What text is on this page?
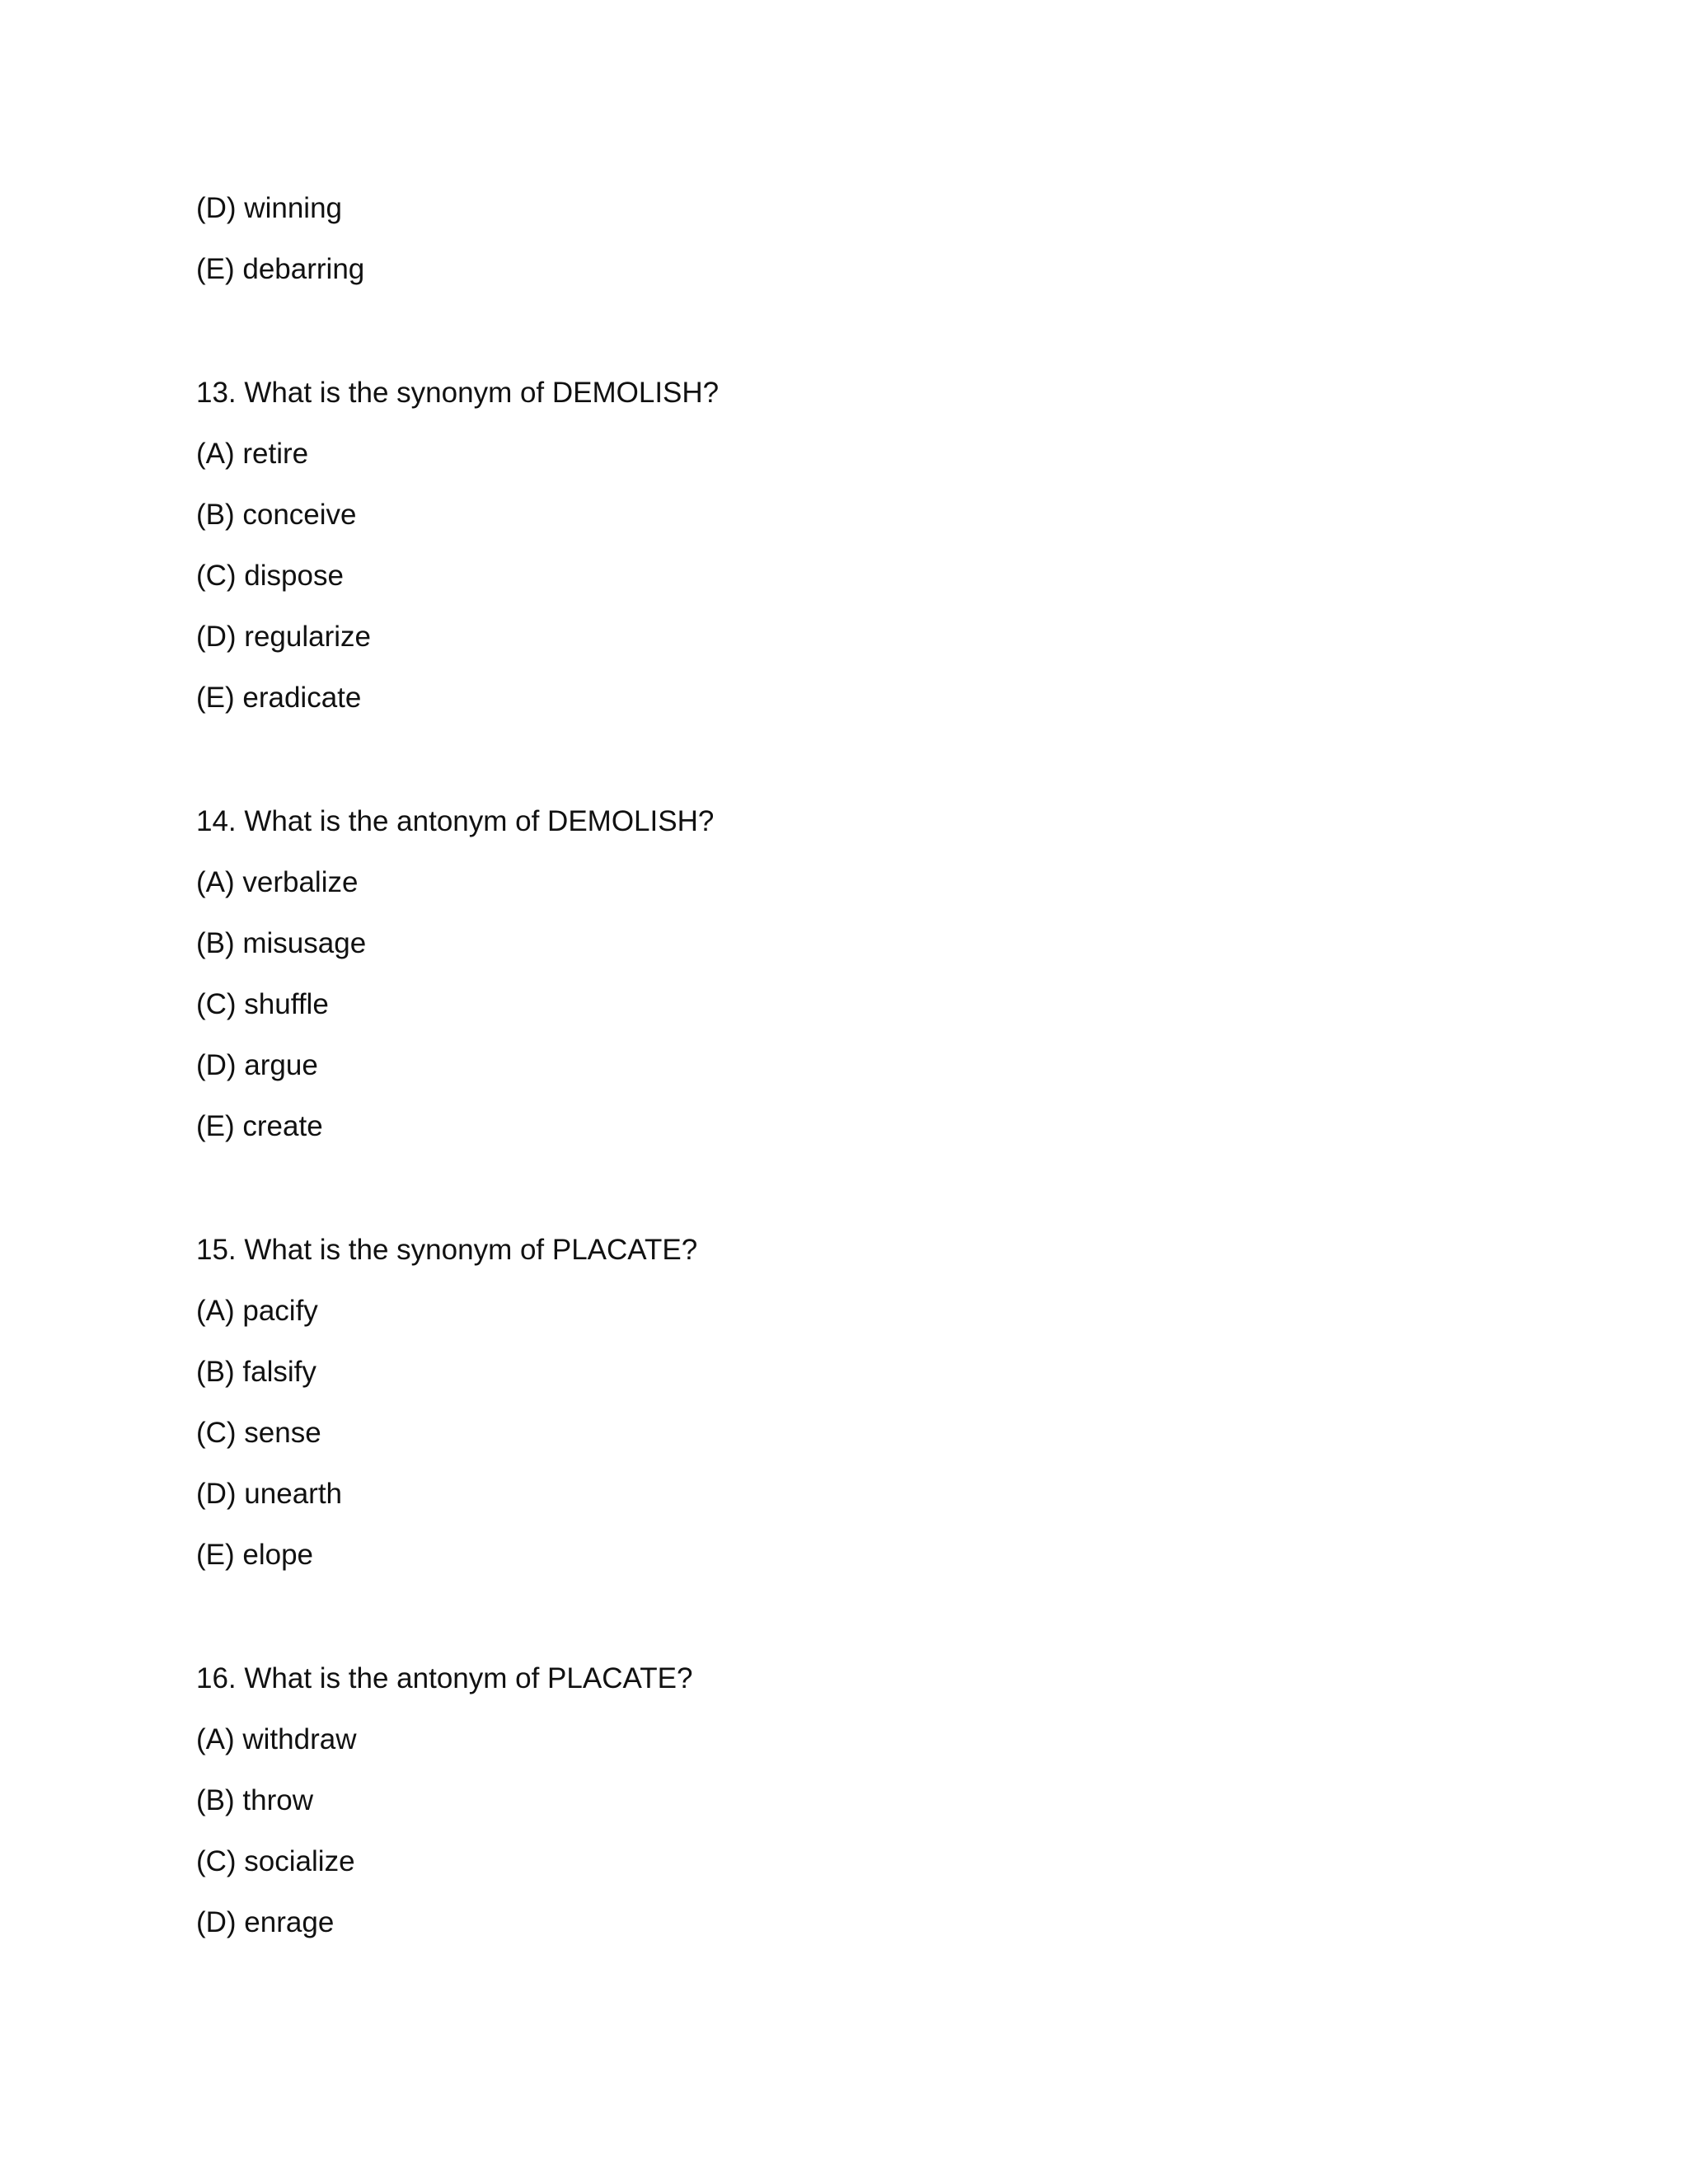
(D) winning
(E) debarring
13. What is the synonym of DEMOLISH?
(A) retire
(B) conceive
(C) dispose
(D) regularize
(E) eradicate
14. What is the antonym of DEMOLISH?
(A) verbalize
(B) misusage
(C) shuffle
(D) argue
(E) create
15. What is the synonym of PLACATE?
(A) pacify
(B) falsify
(C) sense
(D) unearth
(E) elope
16. What is the antonym of PLACATE?
(A) withdraw
(B) throw
(C) socialize
(D) enrage
